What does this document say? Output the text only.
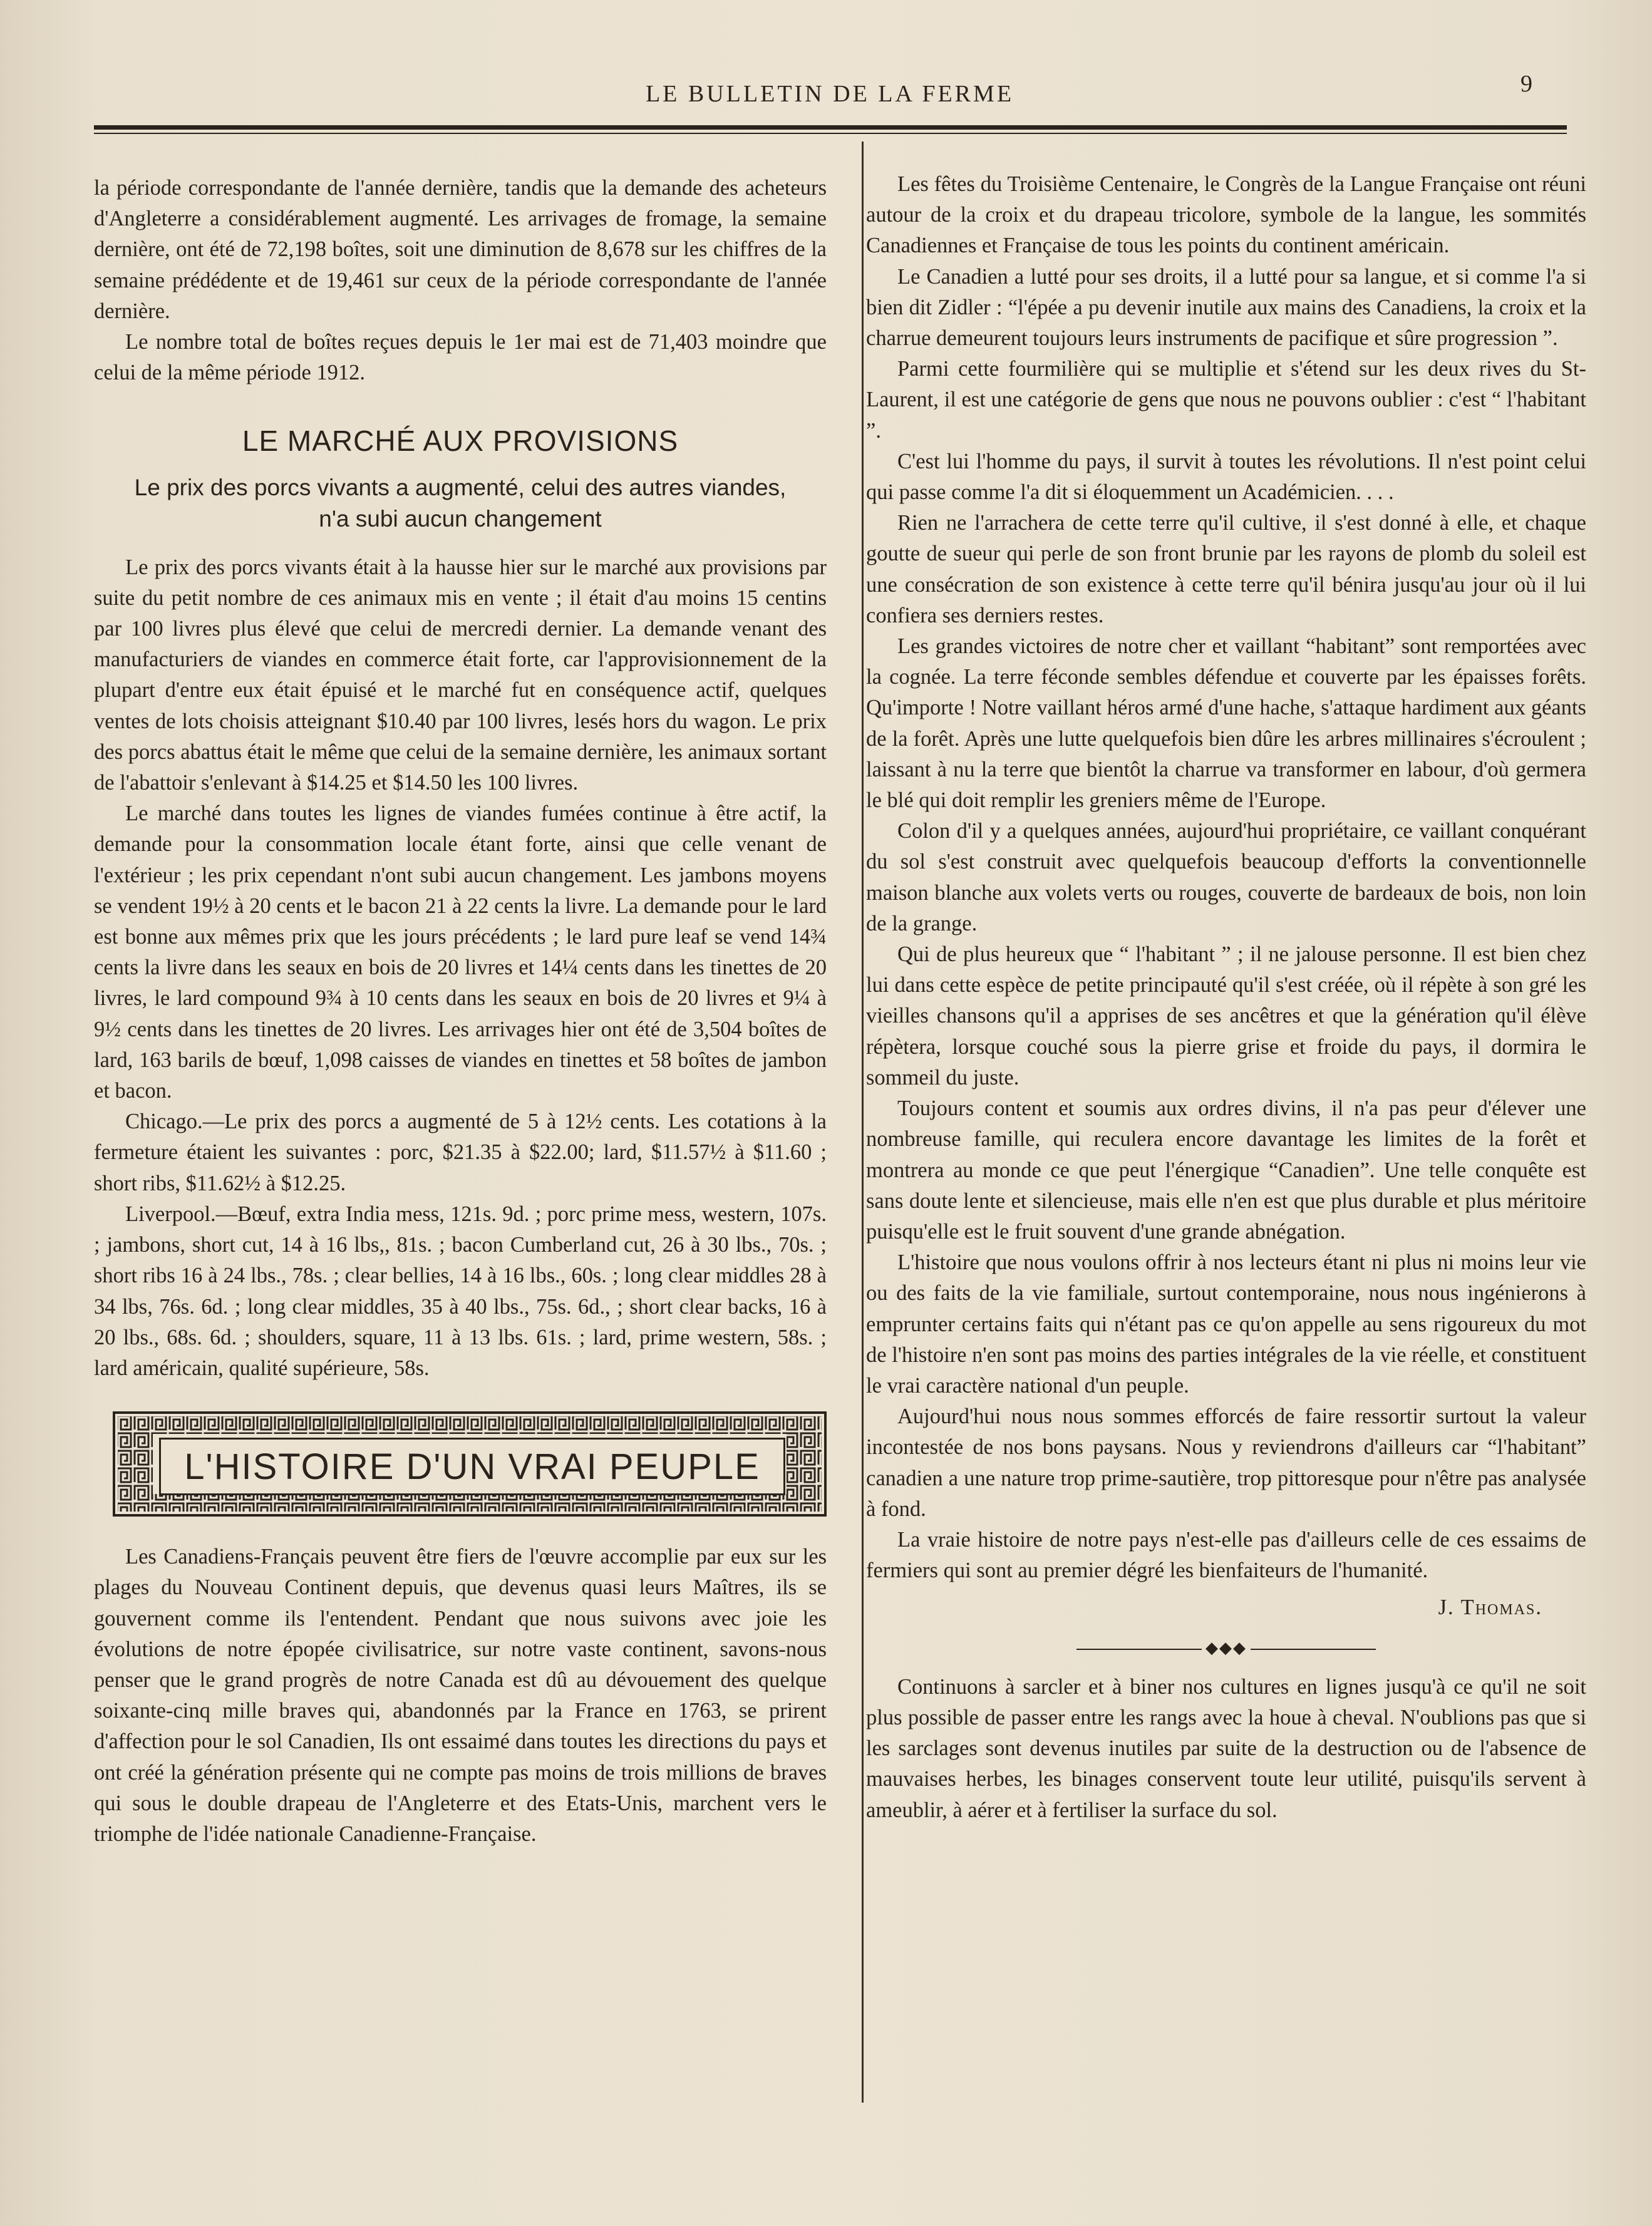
LE BULLETIN DE LA FERME	9

la période correspondante de l'année dernière, tandis que la demande des acheteurs d'Angleterre a considérablement augmenté. Les arrivages de fromage, la semaine dernière, ont été de 72,198 boîtes, soit une diminution de 8,678 sur les chiffres de la semaine prédédente et de 19,461 sur ceux de la période correspondante de l'année dernière.

Le nombre total de boîtes reçues depuis le 1er mai est de 71,403 moindre que celui de la même période 1912.

LE MARCHÉ AUX PROVISIONS
Le prix des porcs vivants a augmenté, celui des autres viandes, n'a subi aucun changement

Le prix des porcs vivants était à la hausse hier sur le marché aux provisions par suite du petit nombre de ces animaux mis en vente ; il était d'au moins 15 centins par 100 livres plus élevé que celui de mercredi dernier. La demande venant des manufacturiers de viandes en commerce était forte, car l'approvisionnement de la plupart d'entre eux était épuisé et le marché fut en conséquence actif, quelques ventes de lots choisis atteignant $10.40 par 100 livres, lesés hors du wagon. Le prix des porcs abattus était le même que celui de la semaine dernière, les animaux sortant de l'abattoir s'enlevant à $14.25 et $14.50 les 100 livres.

Le marché dans toutes les lignes de viandes fumées continue à être actif, la demande pour la consommation locale étant forte, ainsi que celle venant de l'extérieur ; les prix cependant n'ont subi aucun changement. Les jambons moyens se vendent 19½ à 20 cents et le bacon 21 à 22 cents la livre. La demande pour le lard est bonne aux mêmes prix que les jours précédents ; le lard pure leaf se vend 14¾ cents la livre dans les seaux en bois de 20 livres et 14¼ cents dans les tinettes de 20 livres, le lard compound 9¾ à 10 cents dans les seaux en bois de 20 livres et 9¼ à 9½ cents dans les tinettes de 20 livres. Les arrivages hier ont été de 3,504 boîtes de lard, 163 barils de bœuf, 1,098 caisses de viandes en tinettes et 58 boîtes de jambon et bacon.

Chicago.—Le prix des porcs a augmenté de 5 à 12½ cents. Les cotations à la fermeture étaient les suivantes : porc, $21.35 à $22.00; lard, $11.57½ à $11.60 ; short ribs, $11.62½ à $12.25.

Liverpool.—Bœuf, extra India mess, 121s. 9d. ; porc prime mess, western, 107s. ; jambons, short cut, 14 à 16 lbs,, 81s. ; bacon Cumberland cut, 26 à 30 lbs., 70s. ; short ribs 16 à 24 lbs., 78s. ; clear bellies, 14 à 16 lbs., 60s. ; long clear middles 28 à 34 lbs, 76s. 6d. ; long clear middles, 35 à 40 lbs., 75s. 6d., ; short clear backs, 16 à 20 lbs., 68s. 6d. ; shoulders, square, 11 à 13 lbs. 61s. ; lard, prime western, 58s. ; lard américain, qualité supérieure, 58s.

L'HISTOIRE D'UN VRAI PEUPLE

Les Canadiens-Français peuvent être fiers de l'œuvre accomplie par eux sur les plages du Nouveau Continent depuis, que devenus quasi leurs Maîtres, ils se gouvernent comme ils l'entendent. Pendant que nous suivons avec joie les évolutions de notre épopée civilisatrice, sur notre vaste continent, savons-nous penser que le grand progrès de notre Canada est dû au dévouement des quelque soixante-cinq mille braves qui, abandonnés par la France en 1763, se prirent d'affection pour le sol Canadien, Ils ont essaimé dans toutes les directions du pays et ont créé la génération présente qui ne compte pas moins de trois millions de braves qui sous le double drapeau de l'Angleterre et des Etats-Unis, marchent vers le triomphe de l'idée nationale Canadienne-Française.

Les fêtes du Troisième Centenaire, le Congrès de la Langue Française ont réuni autour de la croix et du drapeau tricolore, symbole de la langue, les sommités Canadiennes et Française de tous les points du continent américain.

Le Canadien a lutté pour ses droits, il a lutté pour sa langue, et si comme l'a si bien dit Zidler : “l'épée a pu devenir inutile aux mains des Canadiens, la croix et la charrue demeurent toujours leurs instruments de pacifique et sûre progression ”.

Parmi cette fourmilière qui se multiplie et s'étend sur les deux rives du St-Laurent, il est une catégorie de gens que nous ne pouvons oublier : c'est “ l'habitant ”.

C'est lui l'homme du pays, il survit à toutes les révolutions. Il n'est point celui qui passe comme l'a dit si éloquemment un Académicien. . . .

Rien ne l'arrachera de cette terre qu'il cultive, il s'est donné à elle, et chaque goutte de sueur qui perle de son front brunie par les rayons de plomb du soleil est une consécration de son existence à cette terre qu'il bénira jusqu'au jour où il lui confiera ses derniers restes.

Les grandes victoires de notre cher et vaillant “habitant” sont remportées avec la cognée. La terre féconde sembles défendue et couverte par les épaisses forêts. Qu'importe ! Notre vaillant héros armé d'une hache, s'attaque hardiment aux géants de la forêt. Après une lutte quelquefois bien dûre les arbres millinaires s'écroulent ; laissant à nu la terre que bientôt la charrue va transformer en labour, d'où germera le blé qui doit remplir les greniers même de l'Europe.

Colon d'il y a quelques années, aujourd'hui propriétaire, ce vaillant conquérant du sol s'est construit avec quelquefois beaucoup d'efforts la conventionnelle maison blanche aux volets verts ou rouges, couverte de bardeaux de bois, non loin de la grange.

Qui de plus heureux que “ l'habitant ” ; il ne jalouse personne. Il est bien chez lui dans cette espèce de petite principauté qu'il s'est créée, où il répète à son gré les vieilles chansons qu'il a apprises de ses ancêtres et que la génération qu'il élève répètera, lorsque couché sous la pierre grise et froide du pays, il dormira le sommeil du juste.

Toujours content et soumis aux ordres divins, il n'a pas peur d'élever une nombreuse famille, qui reculera encore davantage les limites de la forêt et montrera au monde ce que peut l'énergique “Canadien”. Une telle conquête est sans doute lente et silencieuse, mais elle n'en est que plus durable et plus méritoire puisqu'elle est le fruit souvent d'une grande abnégation.

L'histoire que nous voulons offrir à nos lecteurs étant ni plus ni moins leur vie ou des faits de la vie familiale, surtout contemporaine, nous nous ingénierons à emprunter certains faits qui n'étant pas ce qu'on appelle au sens rigoureux du mot de l'histoire n'en sont pas moins des parties intégrales de la vie réelle, et constituent le vrai caractère national d'un peuple.

Aujourd'hui nous nous sommes efforcés de faire ressortir surtout la valeur incontestée de nos bons paysans. Nous y reviendrons d'ailleurs car “l'habitant” canadien a une nature trop prime-sautière, trop pittoresque pour n'être pas analysée à fond.

La vraie histoire de notre pays n'est-elle pas d'ailleurs celle de ces essaims de fermiers qui sont au premier dégré les bienfaiteurs de l'humanité.

J. Thomas.
◆◆◆

Continuons à sarcler et à biner nos cultures en lignes jusqu'à ce qu'il ne soit plus possible de passer entre les rangs avec la houe à cheval. N'oublions pas que si les sarclages sont devenus inutiles par suite de la destruction ou de l'absence de mauvaises herbes, les binages conservent toute leur utilité, puisqu'ils servent à ameublir, à aérer et à fertiliser la surface du sol.
